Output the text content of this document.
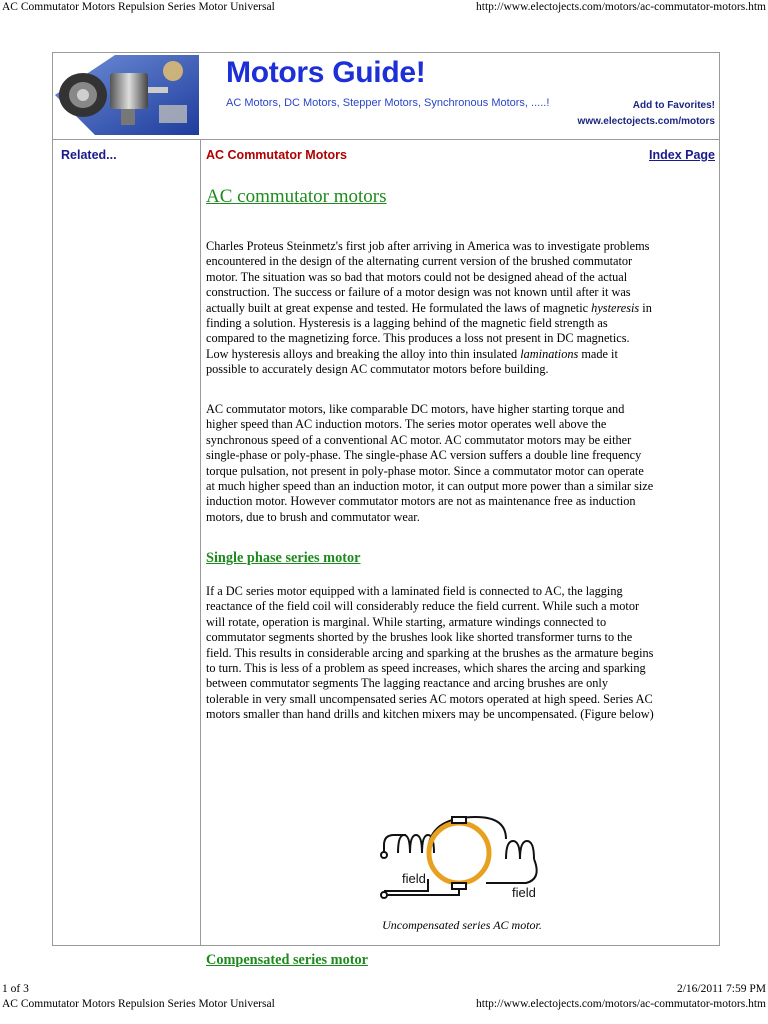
AC Commutator Motors Repulsion Series Motor Universal	http://www.electojects.com/motors/ac-commutator-motors.htm
Motors Guide!
AC Motors, DC Motors, Stepper Motors, Synchronous Motors, .....!	Add to Favorites!
www.electojects.com/motors
Related...	AC Commutator Motors	Index Page
AC commutator motors
Charles Proteus Steinmetz's first job after arriving in America was to investigate problems
encountered in the design of the alternating current version of the brushed commutator
motor. The situation was so bad that motors could not be designed ahead of the actual
construction. The success or failure of a motor design was not known until after it was
actually built at great expense and tested. He formulated the laws of magnetic hysteresis in
finding a solution. Hysteresis is a lagging behind of the magnetic field strength as
compared to the magnetizing force. This produces a loss not present in DC magnetics.
Low hysteresis alloys and breaking the alloy into thin insulated laminations made it
possible to accurately design AC commutator motors before building.
AC commutator motors, like comparable DC motors, have higher starting torque and
higher speed than AC induction motors. The series motor operates well above the
synchronous speed of a conventional AC motor. AC commutator motors may be either
single-phase or poly-phase. The single-phase AC version suffers a double line frequency
torque pulsation, not present in poly-phase motor. Since a commutator motor can operate
at much higher speed than an induction motor, it can output more power than a similar size
induction motor. However commutator motors are not as maintenance free as induction
motors, due to brush and commutator wear.
Single phase series motor
If a DC series motor equipped with a laminated field is connected to AC, the lagging
reactance of the field coil will considerably reduce the field current. While such a motor
will rotate, operation is marginal. While starting, armature windings connected to
commutator segments shorted by the brushes look like shorted transformer turns to the
field. This results in considerable arcing and sparking at the brushes as the armature begins
to turn. This is less of a problem as speed increases, which shares the arcing and sparking
between commutator segments The lagging reactance and arcing brushes are only
tolerable in very small uncompensated series AC motors operated at high speed. Series AC
motors smaller than hand drills and kitchen mixers may be uncompensated. (Figure below)
field
field
Uncompensated series AC motor.
Compensated series motor
1 of 3	2/16/2011 7:59 PM
AC Commutator Motors Repulsion Series Motor Universal	http://www.electojects.com/motors/ac-commutator-motors.htm
